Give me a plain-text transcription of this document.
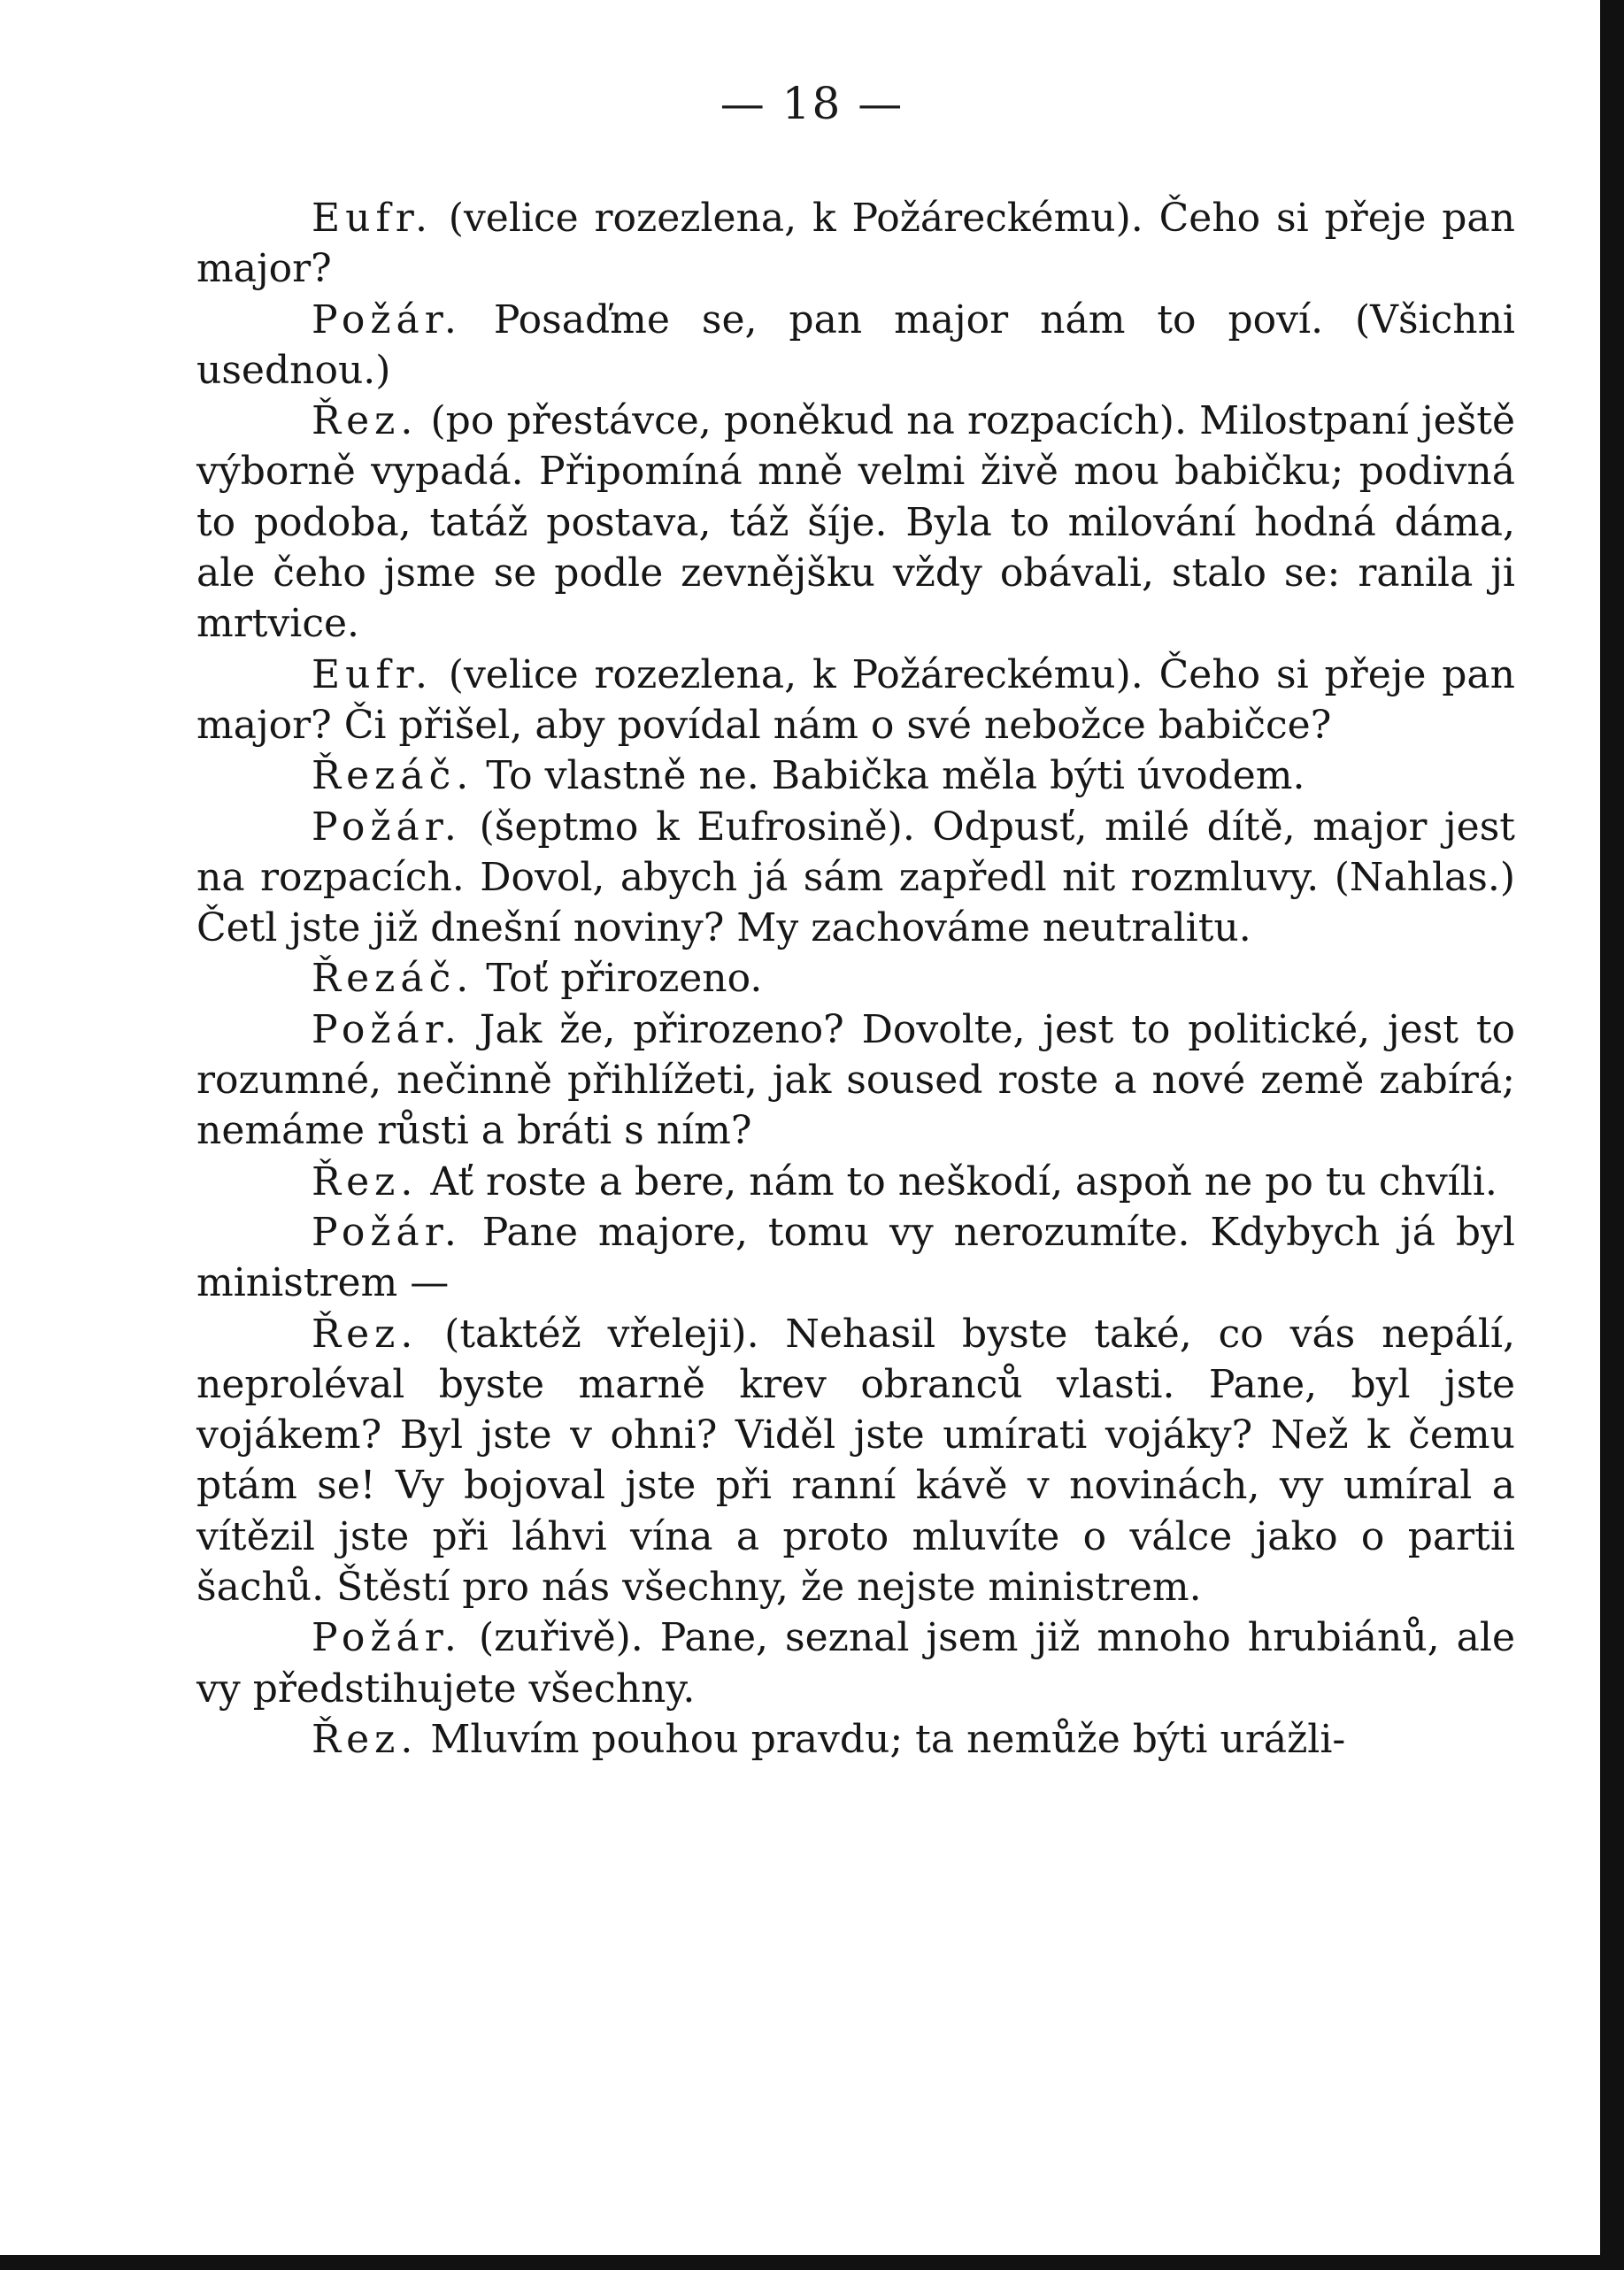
— 18 —

Eufr. (velice rozezlena, k Požáreckému). Čeho si přeje pan major?

Požár. Posaďme se, pan major nám to poví. (Všichni usednou.)

Řez. (po přestávce, poněkud na rozpacích). Milostpaní ještě výborně vypadá. Připomíná mně velmi živě mou babičku; podivná to podoba, tatáž postava, táž šíje. Byla to milování hodná dáma, ale čeho jsme se podle zevnějšku vždy obávali, stalo se: ranila ji mrtvice.

Eufr. (velice rozezlena, k Požáreckému). Čeho si přeje pan major? Či přišel, aby povídal nám o své nebožce babičce?

Řezáč. To vlastně ne. Babička měla býti úvodem.

Požár. (šeptmo k Eufrosině). Odpusť, milé dítě, major jest na rozpacích. Dovol, abych já sám zapředl nit rozmluvy. (Nahlas.) Četl jste již dnešní noviny? My zachováme neutralitu.

Řezáč. Toť přirozeno.

Požár. Jak že, přirozeno? Dovolte, jest to politické, jest to rozumné, nečinně přihlížeti, jak soused roste a nové země zabírá; nemáme růsti a bráti s ním?

Řez. Ať roste a bere, nám to neškodí, aspoň ne po tu chvíli.

Požár. Pane majore, tomu vy nerozumíte. Kdybych já byl ministrem —

Řez. (taktéž vřeleji). Nehasil byste také, co vás nepálí, neproléval byste marně krev obranců vlasti. Pane, byl jste vojákem? Byl jste v ohni? Viděl jste umírati vojáky? Než k čemu ptám se! Vy bojoval jste při ranní kávě v novinách, vy umíral a vítězil jste při láhvi vína a proto mluvíte o válce jako o partii šachů. Štěstí pro nás všechny, že nejste ministrem.

Požár. (zuřivě). Pane, seznal jsem již mnoho hrubiánů, ale vy předstihujete všechny.

Řez. Mluvím pouhou pravdu; ta nemůže býti urážli-
